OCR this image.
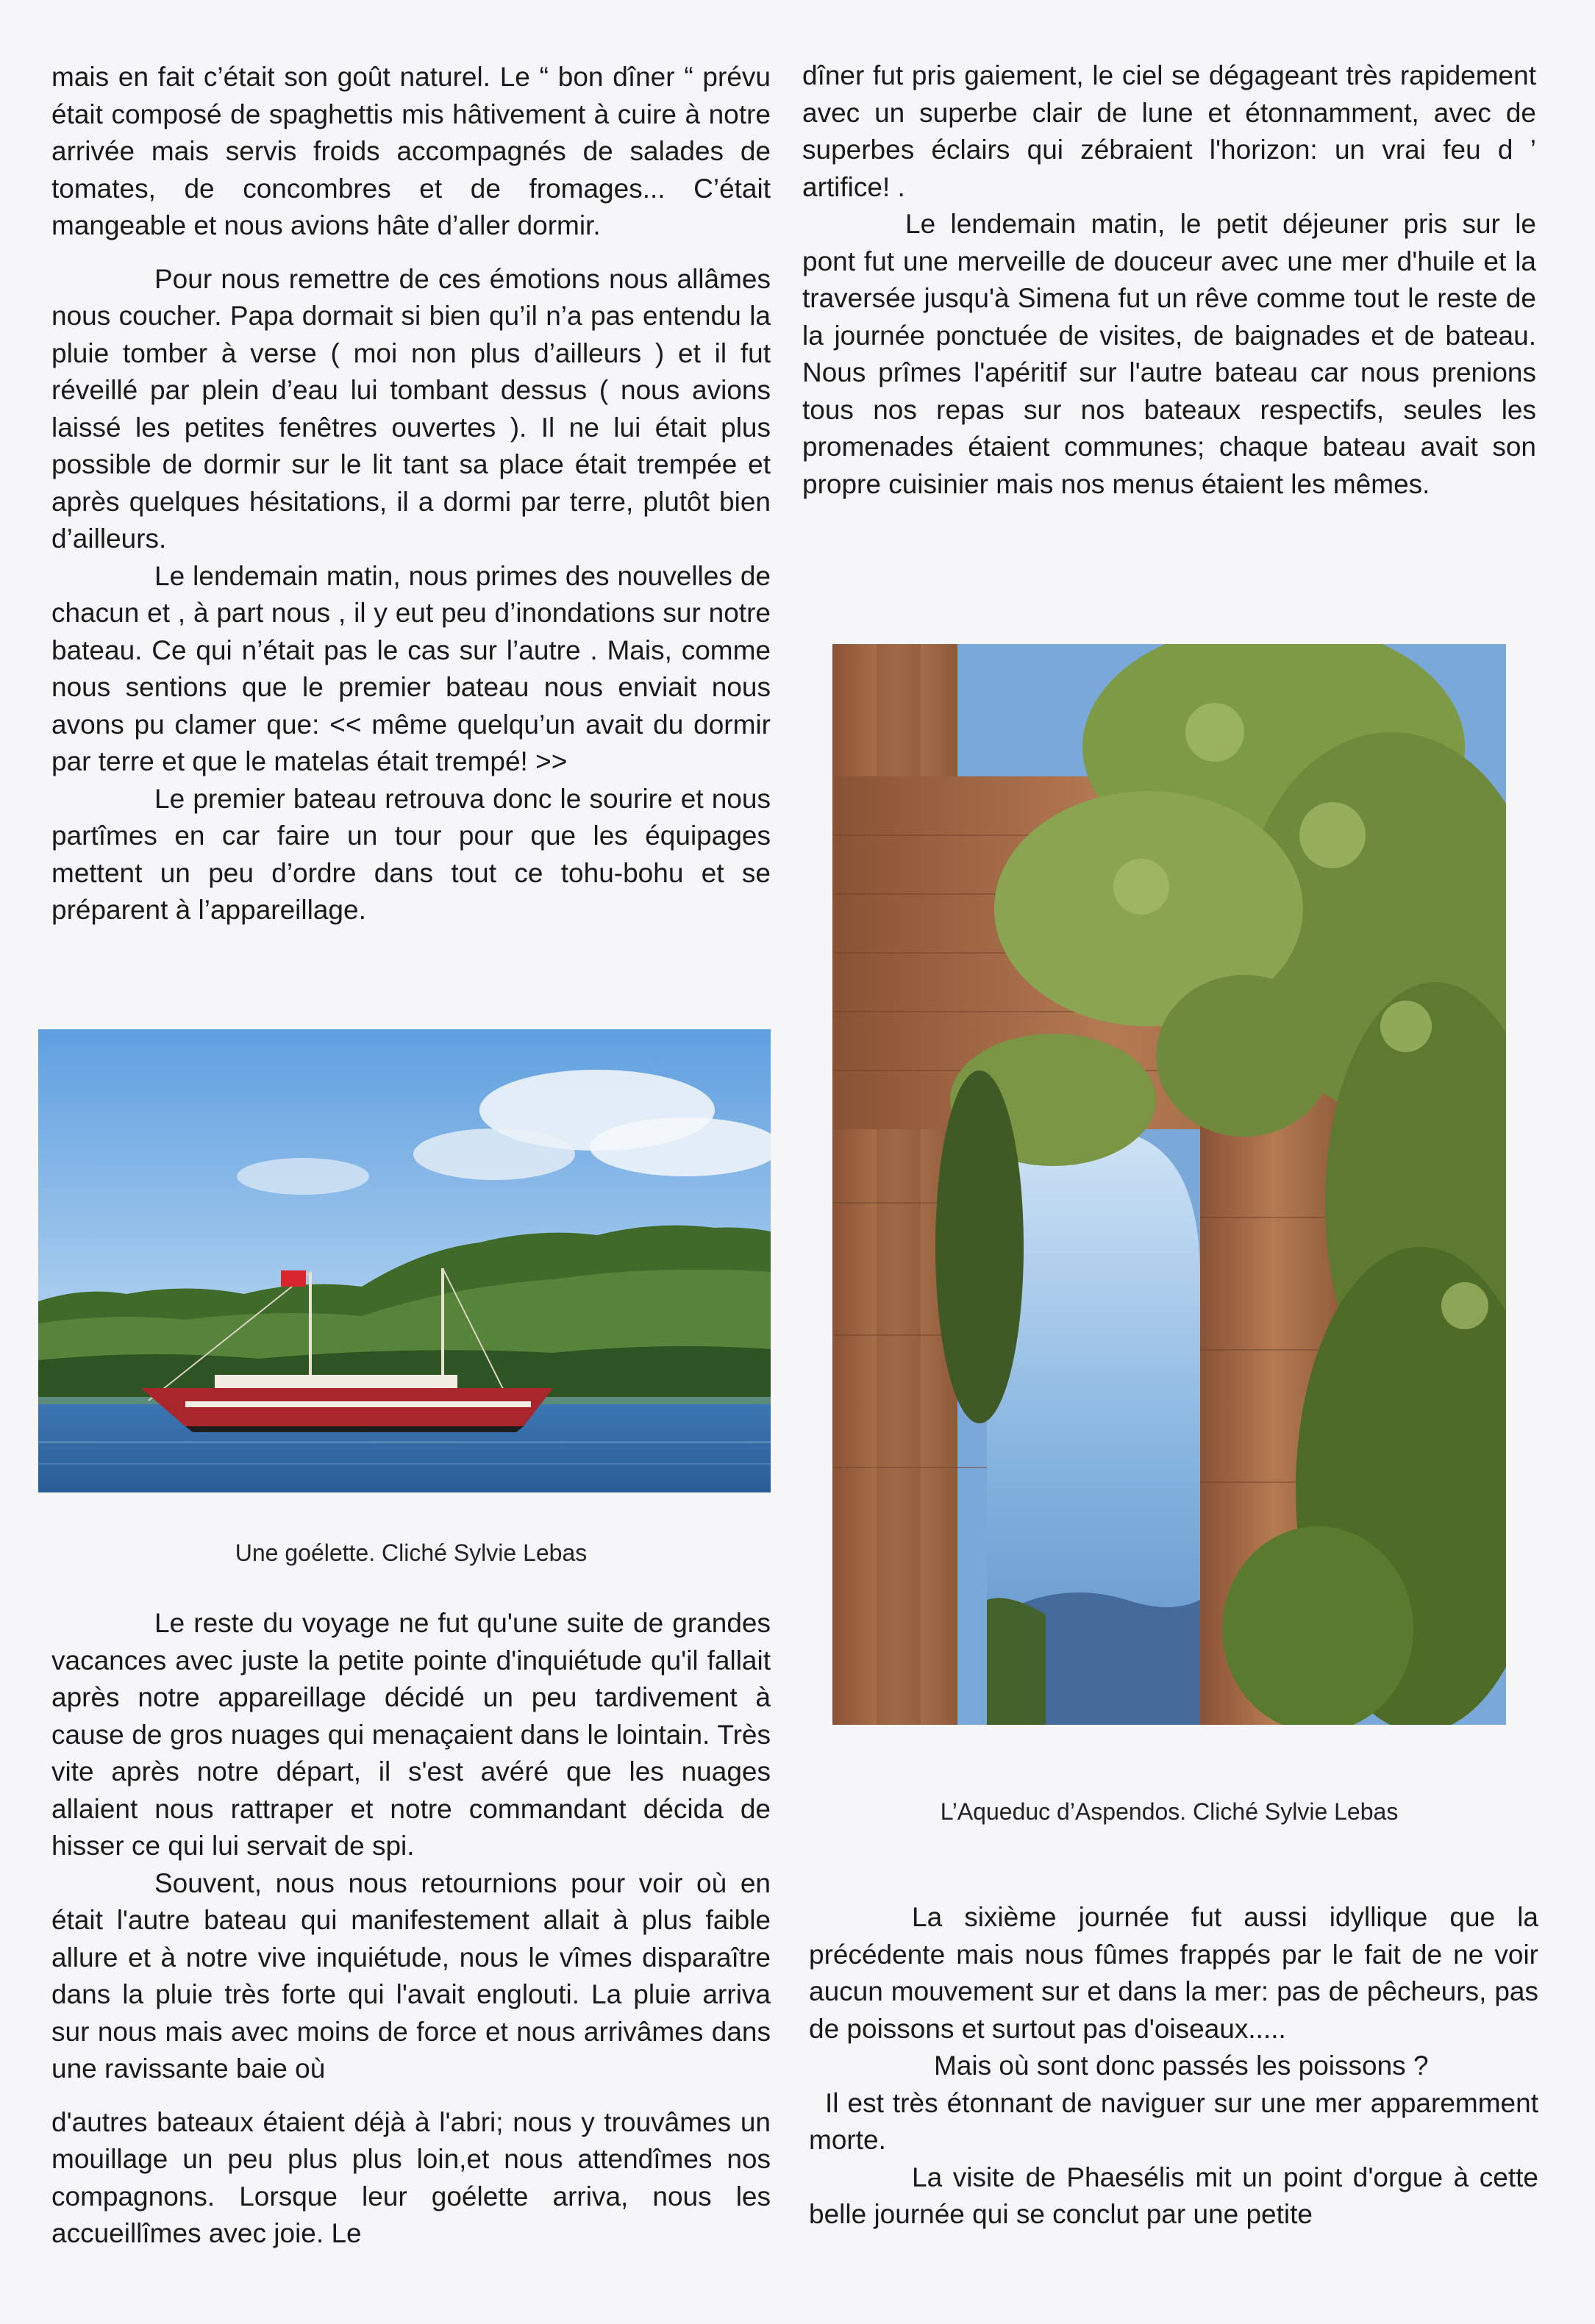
mais en fait c’était son goût naturel. Le “ bon dîner “ prévu était composé de spaghettis mis hâtivement à cuire à notre arrivée mais servis froids accompagnés de salades de tomates, de concombres et de fromages... C’était mangeable et nous avions hâte d’aller dormir.

Pour nous remettre de ces émotions nous allâmes nous coucher. Papa dormait si bien qu’il n’a pas entendu la pluie tomber à verse ( moi non plus d’ailleurs ) et il fut réveillé par plein d’eau lui tombant dessus ( nous avions laissé les petites fenêtres ouvertes ). Il ne lui était plus possible de dormir sur le lit tant sa place était trempée et après quelques hésitations, il a dormi par terre, plutôt bien d’ailleurs.

Le lendemain matin, nous primes des nouvelles de chacun et , à part nous , il y eut peu d’inondations sur notre bateau. Ce qui n’était pas le cas sur l’autre . Mais, comme nous sentions que le premier bateau nous enviait nous avons pu clamer que: << même quelqu’un avait du dormir par terre et que le matelas était trempé! >>

Le premier bateau retrouva donc le sourire et nous partîmes en car faire un tour pour que les équipages mettent un peu d’ordre dans tout ce tohu-bohu et se préparent à l’appareillage.

Une goélette. Cliché Sylvie Lebas

Le reste du voyage ne fut qu'une suite de grandes vacances avec juste la petite pointe d'inquiétude qu'il fallait après notre appareillage décidé un peu tardivement à cause de gros nuages qui menaçaient dans le lointain. Très vite après notre départ, il s'est avéré que les nuages allaient nous rattraper et notre commandant décida de hisser ce qui lui servait de spi.

Souvent, nous nous retournions pour voir où en était l'autre bateau qui manifestement allait à plus faible allure et à notre vive inquiétude, nous le vîmes disparaître dans la pluie très forte qui l'avait englouti. La pluie arriva sur nous mais avec moins de force et nous arrivâmes dans une ravissante baie où

d'autres bateaux étaient déjà à l'abri; nous y trouvâmes un mouillage un peu plus plus loin,et nous attendîmes nos compagnons. Lorsque leur goélette arriva, nous les accueillîmes avec joie. Le

dîner fut pris gaiement, le ciel se dégageant très rapidement avec un superbe clair de lune et étonnamment, avec de superbes éclairs qui zébraient l'horizon: un vrai feu d ’ artifice! .

Le lendemain matin, le petit déjeuner pris sur le pont fut une merveille de douceur avec une mer d'huile et la traversée jusqu'à Simena fut un rêve comme tout le reste de la journée ponctuée de visites, de baignades et de bateau. Nous prîmes l'apéritif sur l'autre bateau car nous prenions tous nos repas sur nos bateaux respectifs, seules les promenades étaient communes; chaque bateau avait son propre cuisinier mais nos menus étaient les mêmes.

L’Aqueduc d’Aspendos. Cliché Sylvie Lebas

La sixième journée fut aussi idyllique que la précédente mais nous fûmes frappés par le fait de ne voir aucun mouvement sur et dans la mer: pas de pêcheurs, pas de poissons et surtout pas d'oiseaux.....

Mais où sont donc passés les poissons ?

Il est très étonnant de naviguer sur une mer apparemment morte.

La visite de Phaesélis mit un point d'orgue à cette belle journée qui se conclut par une petite
